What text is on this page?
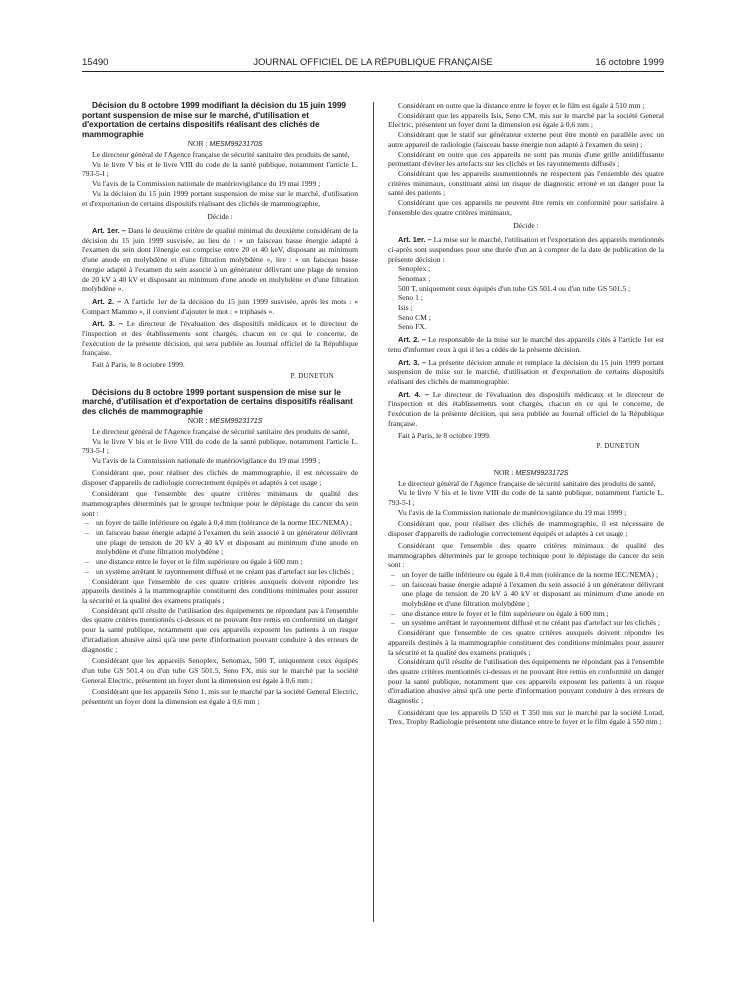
15490	JOURNAL OFFICIEL DE LA RÉPUBLIQUE FRANÇAISE	16 octobre 1999

Décision du 8 octobre 1999 modifiant la décision du 15 juin 1999 portant suspension de mise sur le marché, d'utilisation et d'exportation de certains dispositifs réalisant des clichés de mammographie

NOR : MESM9923170S

Le directeur général de l'Agence française de sécurité sanitaire des produits de santé,

Vu le livre V bis et le livre VIII du code de la santé publique, notamment l'article L. 793-5-I ;

Vu l'avis de la Commission nationale de matériovigilance du 19 mai 1999 ;

Vu la décision du 15 juin 1999 portant suspension de mise sur le marché, d'utilisation et d'exportation de certains dispositifs réalisant des clichés de mammographie,

Décide :

Art. 1er. – Dans le deuxième critère de qualité minimal du deuxième considérant de la décision du 15 juin 1999 susvisée, au lieu de : « un faisceau basse énergie adapté à l'examen du sein dont l'énergie est comprise entre 20 et 40 keV, disposant au minimum d'une anode en molybdène et d'une filtration molybdène », lire : « un faisceau basse énergie adapté à l'examen du sein associé à un générateur délivrant une plage de tension de 20 kV à 40 kV et disposant au minimum d'une anode en molybdène et d'une filtration molybdène ».

Art. 2. – A l'article 1er de la décision du 15 juin 1999 susvisée, après les mots : « Compact Mammo », il convient d'ajouter le mot : « triphasés ».

Art. 3. – Le directeur de l'évaluation des dispositifs médicaux et le directeur de l'inspection et des établissements sont chargés, chacun en ce qui le concerne, de l'exécution de la présente décision, qui sera publiée au Journal officiel de la République française.

Fait à Paris, le 8 octobre 1999.

P. DUNETON

Décisions du 8 octobre 1999 portant suspension de mise sur le marché, d'utilisation et d'exportation de certains dispositifs réalisant des clichés de mammographie

NOR : MESM9923171S

Le directeur général de l'Agence française de sécurité sanitaire des produits de santé,

Vu le livre V bis et le livre VIII du code de la santé publique, notamment l'article L. 793-5-I ;

Vu l'avis de la Commission nationale de matériovigilance du 19 mai 1999 ;

Considérant que, pour réaliser des clichés de mammographie, il est nécessaire de disposer d'appareils de radiologie correctement équipés et adaptés à cet usage ;

Considérant que l'ensemble des quatre critères minimaux de qualité des mammographes déterminés par le groupe technique pour le dépistage du cancer du sein sont :

– un foyer de taille inférieure ou égale à 0,4 mm (tolérance de la norme IEC/NEMA) ;

– un faisceau basse énergie adapté à l'examen du sein associé à un générateur délivrant une plage de tension de 20 kV à 40 kV et disposant au minimum d'une anode en molybdène et d'une filtration molybdène ;

– une distance entre le foyer et le film supérieure ou égale à 600 mm ;

– un système arrêtant le rayonnement diffusé et ne créant pas d'artefact sur les clichés ;

Considérant que l'ensemble de ces quatre critères auxquels doivent répondre les appareils destinés à la mammographie constituent des conditions minimales pour assurer la sécurité et la qualité des examens pratiqués ;

Considérant qu'il résulte de l'utilisation des équipements ne répondant pas à l'ensemble des quatre critères mentionnés ci-dessus et ne pouvant être remis en conformité un danger pour la santé publique, notamment que ces appareils exposent les patients à un risque d'irradiation abusive ainsi qu'à une perte d'information pouvant conduire à des erreurs de diagnostic ;

Considérant que les appareils Senoplex, Senomax, 500 T, uniquement ceux équipés d'un tube GS 501.4 ou d'un tube GS 501.5, Seno FX, mis sur le marché par la société General Electric, présentent un foyer dont la dimension est égale à 0,6 mm ;

Considérant que les appareils Seno 1, mis sur le marché par la société General Electric, présentent un foyer dont la dimension est égale à 0,6 mm ;

Considérant en outre que la distance entre le foyer et le film est égale à 510 mm ;

Considérant que les appareils Isis, Seno CM, mis sur le marché par la société General Electric, présentent un foyer dont la dimension est égale à 0,6 mm ;

Considérant que le statif sur générateur externe peut être monté en parallèle avec un autre appareil de radiologie (faisceau basse énergie non adapté à l'examen du sein) ;

Considérant en outre que ces appareils ne sont pas munis d'une grille antidiffusante permettant d'éviter les artefacts sur les clichés et les rayonnements diffusés ;

Considérant que les appareils susmentionnés ne respectent pas l'ensemble des quatre critères minimaux, constituant ainsi un risque de diagnostic erroné et un danger pour la santé des patients ;

Considérant que ces appareils ne peuvent être remis en conformité pour satisfaire à l'ensemble des quatre critères minimaux,

Décide :

Art. 1er. – La mise sur le marché, l'utilisation et l'exportation des appareils mentionnés ci-après sont suspendues pour une durée d'un an à compter de la date de publication de la présente décision :

Senoplex ;

Senomax ;

500 T, uniquement ceux équipés d'un tube GS 501.4 ou d'un tube GS 501.5 ;

Seno 1 ;

Isis ;

Seno CM ;

Seno FX.

Art. 2. – Le responsable de la mise sur le marché des appareils cités à l'article 1er est tenu d'informer ceux à qui il les a cédés de la présente décision.

Art. 3. – La présente décision annule et remplace la décision du 15 juin 1999 portant suspension de mise sur le marché, d'utilisation et d'exportation de certains dispositifs réalisant des clichés de mammographie.

Art. 4. – Le directeur de l'évaluation des dispositifs médicaux et le directeur de l'inspection et des établissements sont chargés, chacun en ce qui le concerne, de l'exécution de la présente décision, qui sera publiée au Journal officiel de la République française.

Fait à Paris, le 8 octobre 1999.

P. DUNETON

NOR : MESM9923172S

Le directeur général de l'Agence française de sécurité sanitaire des produits de santé,

Vu le livre V bis et le livre VIII du code de la santé publique, notamment l'article L. 793-5-I ;

Vu l'avis de la Commission nationale de matériovigilance du 19 mai 1999 ;

Considérant que, pour réaliser des clichés de mammographie, il est nécessaire de disposer d'appareils de radiologie correctement équipés et adaptés à cet usage ;

Considérant que l'ensemble des quatre critères minimaux de qualité des mammographes déterminés par le groupe technique pour le dépistage du cancer du sein sont :

– un foyer de taille inférieure ou égale à 0,4 mm (tolérance de la norme IEC/NEMA) ;

– un faisceau basse énergie adapté à l'examen du sein associé à un générateur délivrant une plage de tension de 20 kV à 40 kV et disposant au minimum d'une anode en molybdène et d'une filtration molybdène ;

– une distance entre le foyer et le film supérieure ou égale à 600 mm ;

– un système arrêtant le rayonnement diffusé et ne créant pas d'artefact sur les clichés ;

Considérant que l'ensemble de ces quatre critères auxquels doivent répondre les appareils destinés à la mammographie constituent des conditions minimales pour assurer la sécurité et la qualité des examens pratiqués ;

Considérant qu'il résulte de l'utilisation des équipements ne répondant pas à l'ensemble des quatre critères mentionnés ci-dessus et ne pouvant être remis en conformité un danger pour la santé publique, notamment que ces appareils exposent les patients à un risque d'irradiation abusive ainsi qu'à une perte d'information pouvant conduire à des erreurs de diagnostic ;

Considérant que les appareils D 550 et T 350 mis sur le marché par la société Lorad, Trex, Trophy Radiologie présentent une distance entre le foyer et le film égale à 550 mm ;
